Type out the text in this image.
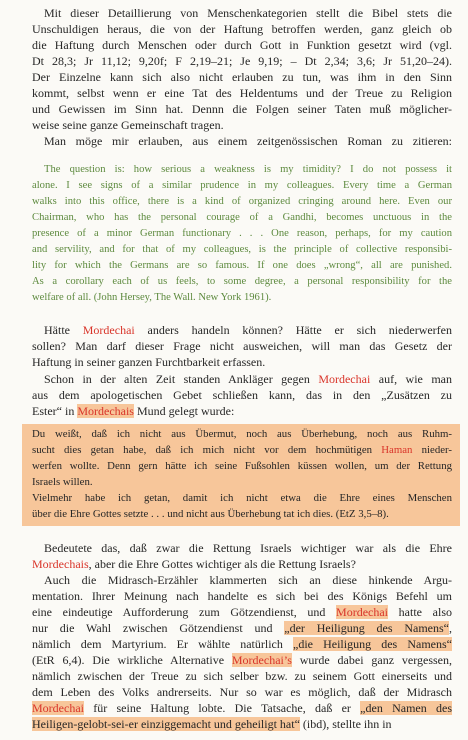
Mit dieser Detaillierung von Menschenkategorien stellt die Bibel stets die
Unschuldigen heraus, die von der Haftung betroffen werden, ganz gleich ob
die Haftung durch Menschen oder durch Gott in Funktion gesetzt wird (vgl.
Dt 28,3; Jr 11,12; 9,20f; F 2,19–21; Je 9,19; – Dt 2,34; 3,6; Jr 51,20–24).
Der Einzelne kann sich also nicht erlauben zu tun, was ihm in den Sinn
kommt, selbst wenn er eine Tat des Heldentums und der Treue zu Religion
und Gewissen im Sinn hat. Dennn die Folgen seiner Taten muß möglicher-
weise seine ganze Gemeinschaft tragen.
Man möge mir erlauben, aus einem zeitgenössischen Roman zu zitieren:
The question is: how serious a weakness is my timidity? I do not possess it
alone. I see signs of a similar prudence in my colleagues. Every time a German
walks into this office, there is a kind of organized cringing around here. Even our
Chairman, who has the personal courage of a Gandhi, becomes unctuous in the
presence of a minor German functionary . . . One reason, perhaps, for my caution
and servility, and for that of my colleagues, is the principle of collective responsibi-
lity for which the Germans are so famous. If one does „wrong“, all are punished.
As a corollary each of us feels, to some degree, a personal responsibility for the
welfare of all. (John Hersey, The Wall. New York 1961).
Hätte Mordechai anders handeln können? Hätte er sich niederwerfen
sollen? Man darf dieser Frage nicht ausweichen, will man das Gesetz der
Haftung in seiner ganzen Furchtbarkeit erfassen.
Schon in der alten Zeit standen Ankläger gegen Mordechai auf, wie man
aus dem apologetischen Gebet schließen kann, das in den „Zusätzen zu
Ester“ in Mordechais Mund gelegt wurde:
Du weißt, daß ich nicht aus Übermut, noch aus Überhebung, noch aus Ruhm-
sucht dies getan habe, daß ich mich nicht vor dem hochmütigen Haman nieder-
werfen wollte. Denn gern hätte ich seine Fußsohlen küssen wollen, um der Rettung
Israels willen.
Vielmehr habe ich getan, damit ich nicht etwa die Ehre eines Menschen
über die Ehre Gottes setzte . . . und nicht aus Überhebung tat ich dies. (EtZ 3,5–8).
Bedeutete das, daß zwar die Rettung Israels wichtiger war als die Ehre
Mordechais, aber die Ehre Gottes wichtiger als die Rettung Israels?
Auch die Midrasch-Erzähler klammerten sich an diese hinkende Argu-
mentation. Ihrer Meinung nach handelte es sich bei des Königs Befehl um
eine eindeutige Aufforderung zum Götzendienst, und Mordechai hatte also
nur die Wahl zwischen Götzendienst und „der Heiligung des Namens“,
nämlich dem Martyrium. Er wählte natürlich „die Heiligung des Namens“
(EtR 6,4). Die wirkliche Alternative Mordechai’s wurde dabei ganz vergessen,
nämlich zwischen der Treue zu sich selber bzw. zu seinem Gott einerseits und
dem Leben des Volks andrerseits. Nur so war es möglich, daß der Midrasch
Mordechai für seine Haltung lobte. Die Tatsache, daß er „den Namen des
Heiligen-gelobt-sei-er einziggemacht und geheiligt hat“ (ibd), stellte ihn in
